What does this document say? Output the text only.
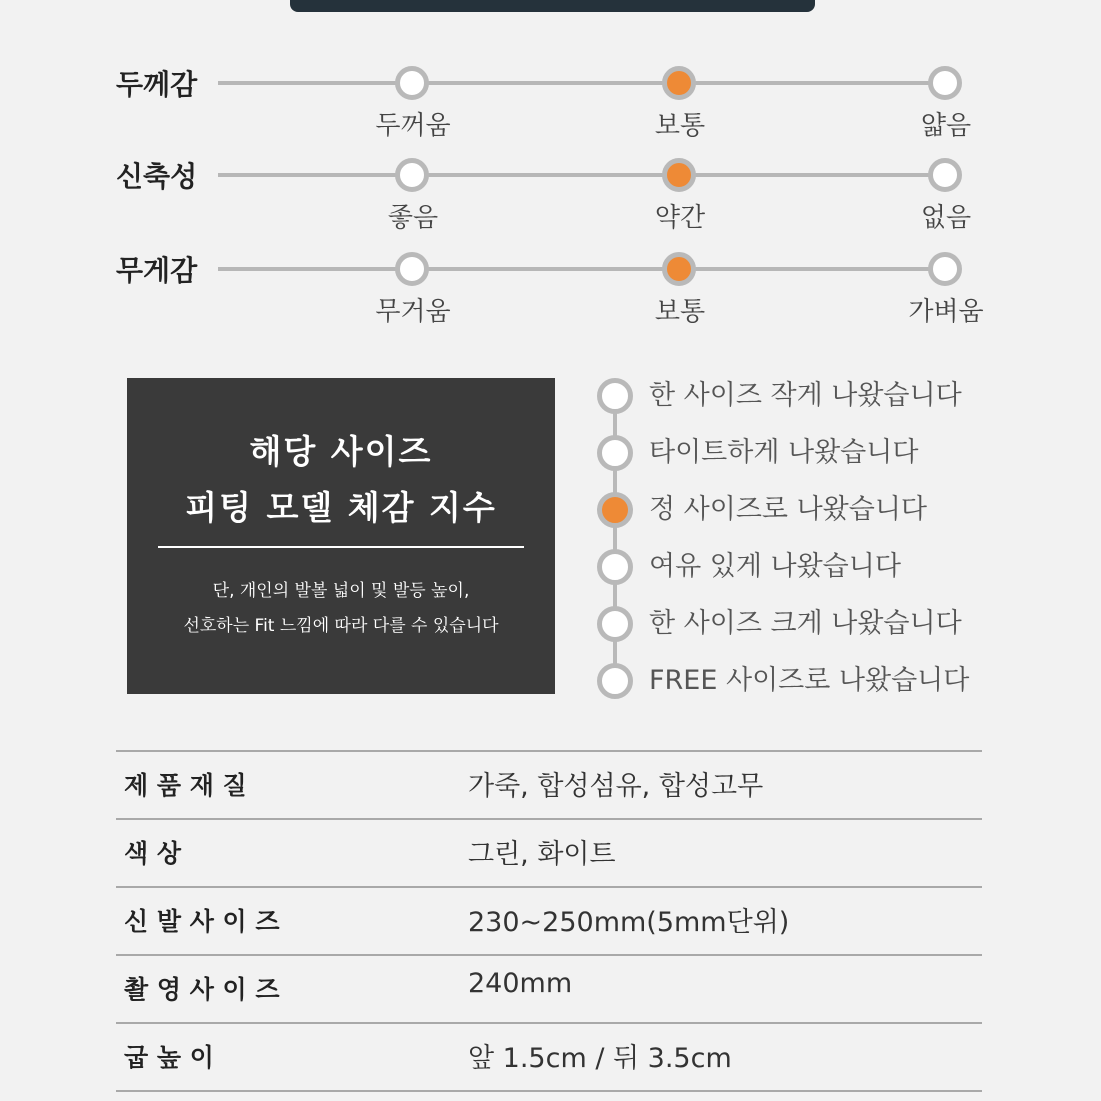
두께감
두꺼움	보통	얇음
신축성
좋음	약간	없음
무게감
무거움	보통	가벼움
해당 사이즈
피팅 모델 체감 지수
단, 개인의 발볼 넓이 및 발등 높이,
선호하는 Fit 느낌에 따라 다를 수 있습니다
한 사이즈 작게 나왔습니다
타이트하게 나왔습니다
정 사이즈로 나왔습니다
여유 있게 나왔습니다
한 사이즈 크게 나왔습니다
FREE 사이즈로 나왔습니다
제 품 재 질	가죽, 합성섬유, 합성고무
색 상	그린, 화이트
신 발 사 이 즈	230~250mm(5mm단위)
촬 영 사 이 즈	240mm
굽 높 이	앞 1.5cm / 뒤 3.5cm
